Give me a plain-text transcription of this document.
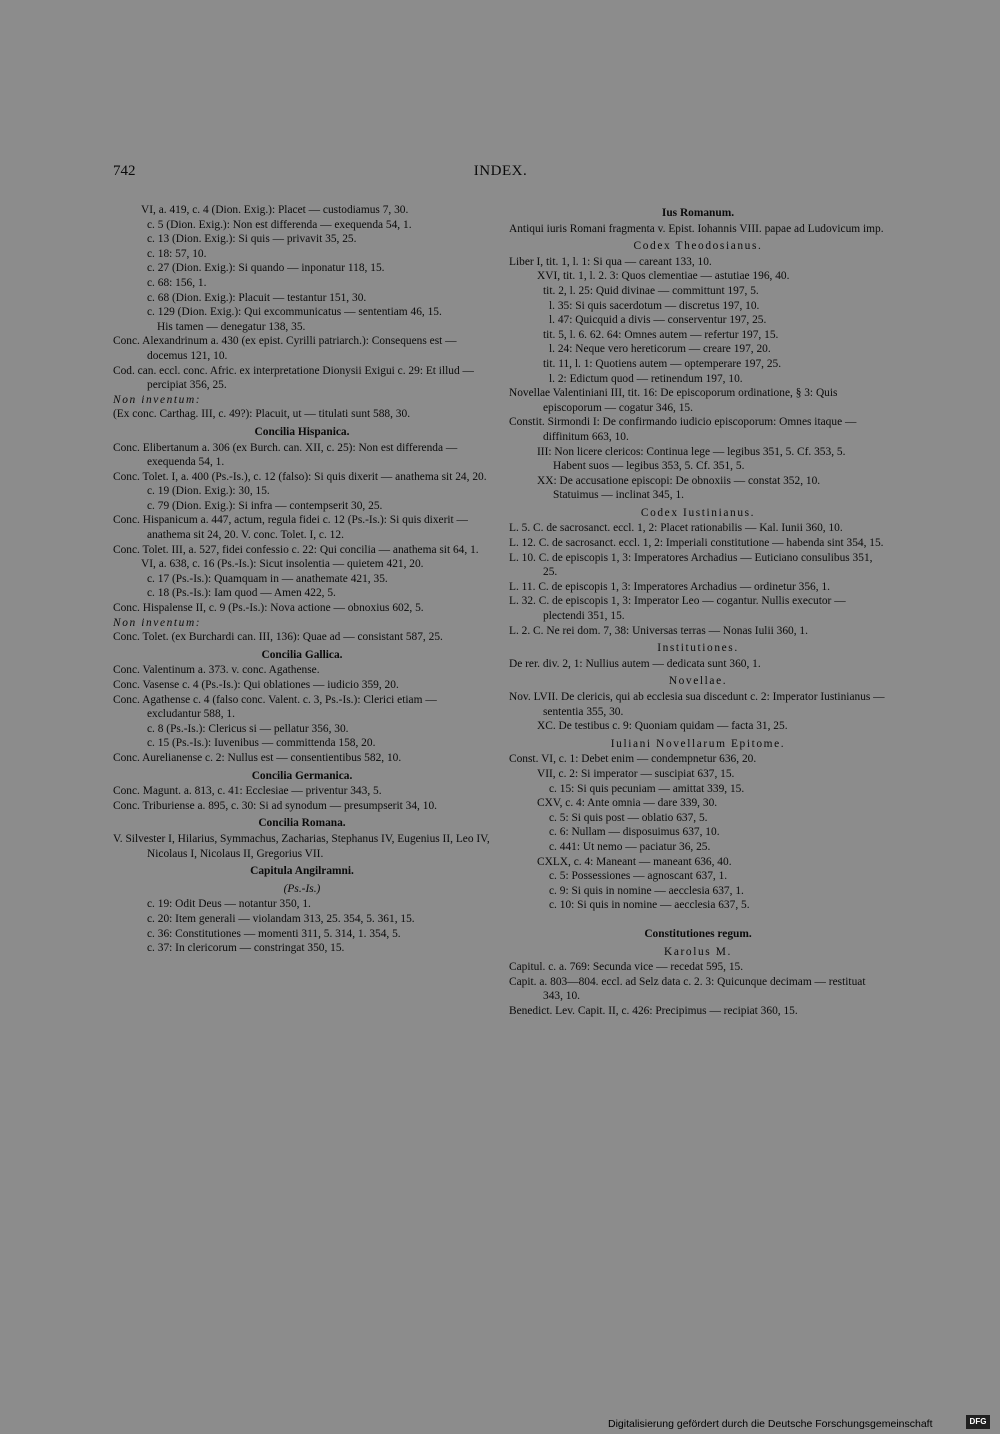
742	INDEX.
VI, a. 419, c. 4 (Dion. Exig.): Placet — custodiamus 7, 30.
c. 5 (Dion. Exig.): Non est differenda — exequenda 54, 1.
c. 13 (Dion. Exig.): Si quis — privavit 35, 25.
c. 18: 57, 10.
c. 27 (Dion. Exig.): Si quando — inponatur 118, 15.
c. 68: 156, 1.
c. 68 (Dion. Exig.): Placuit — testantur 151, 30.
c. 129 (Dion. Exig.): Qui excommunicatus — sententiam 46, 15.
His tamen — denegatur 138, 35.
Conc. Alexandrinum a. 430 (ex epist. Cyrilli patriarch.): Consequens est — docemus 121, 10.
Cod. can. eccl. conc. Afric. ex interpretatione Dionysii Exigui c. 29: Et illud — percipiat 356, 25.
Non inventum:
(Ex conc. Carthag. III, c. 49?): Placuit, ut — titulati sunt 588, 30.
Concilia Hispanica.
Conc. Elibertanum a. 306 (ex Burch. can. XII, c. 25): Non est differenda — exequenda 54, 1.
Conc. Tolet. I, a. 400 (Ps.-Is.), c. 12 (falso): Si quis dixerit — anathema sit 24, 20.
c. 19 (Dion. Exig.): 30, 15.
c. 79 (Dion. Exig.): Si infra — contempserit 30, 25.
Conc. Hispanicum a. 447, actum, regula fidei c. 12 (Ps.-Is.): Si quis dixerit — anathema sit 24, 20. V. conc. Tolet. I, c. 12.
Conc. Tolet. III, a. 527, fidei confessio c. 22: Qui concilia — anathema sit 64, 1.
VI, a. 638, c. 16 (Ps.-Is.): Sicut insolentia — quietem 421, 20.
c. 17 (Ps.-Is.): Quamquam in — anathemate 421, 35.
c. 18 (Ps.-Is.): Iam quod — Amen 422, 5.
Conc. Hispalense II, c. 9 (Ps.-Is.): Nova actione — obnoxius 602, 5.
Non inventum:
Conc. Tolet. (ex Burchardi can. III, 136): Quae ad — consistant 587, 25.
Concilia Gallica.
Conc. Valentinum a. 373. v. conc. Agathense.
Conc. Vasense c. 4 (Ps.-Is.): Qui oblationes — iudicio 359, 20.
Conc. Agathense c. 4 (falso conc. Valent. c. 3, Ps.-Is.): Clerici etiam — excludantur 588, 1.
c. 8 (Ps.-Is.): Clericus si — pellatur 356, 30.
c. 15 (Ps.-Is.): Iuvenibus — committenda 158, 20.
Conc. Aurelianense c. 2: Nullus est — consentientibus 582, 10.
Concilia Germanica.
Conc. Magunt. a. 813, c. 41: Ecclesiae — priventur 343, 5.
Conc. Triburiense a. 895, c. 30: Si ad synodum — presumpserit 34, 10.
Concilia Romana.
V. Silvester I, Hilarius, Symmachus, Zacharias, Stephanus IV, Eugenius II, Leo IV, Nicolaus I, Nicolaus II, Gregorius VII.
Capitula Angilramni.
(Ps.-Is.)
c. 19: Odit Deus — notantur 350, 1.
c. 20: Item generali — violandam 313, 25. 354, 5. 361, 15.
c. 36: Constitutiones — momenti 311, 5. 314, 1. 354, 5.
c. 37: In clericorum — constringat 350, 15.
Ius Romanum.
Antiqui iuris Romani fragmenta v. Epist. Iohannis VIII. papae ad Ludovicum imp.
Codex Theodosianus.
Liber I, tit. 1, l. 1: Si qua — careant 133, 10.
XVI, tit. 1, l. 2. 3: Quos clementiae — astutiae 196, 40.
tit. 2, l. 25: Quid divinae — committunt 197, 5.
l. 35: Si quis sacerdotum — discretus 197, 10.
l. 47: Quicquid a divis — conserventur 197, 25.
tit. 5, l. 6. 62. 64: Omnes autem — refertur 197, 15.
l. 24: Neque vero hereticorum — creare 197, 20.
tit. 11, l. 1: Quotiens autem — optemperare 197, 25.
l. 2: Edictum quod — retinendum 197, 10.
Novellae Valentiniani III, tit. 16: De episcoporum ordinatione, § 3: Quis episcoporum — cogatur 346, 15.
Constit. Sirmondi I: De confirmando iudicio episcoporum: Omnes itaque — diffinitum 663, 10.
III: Non licere clericos: Continua lege — legibus 351, 5. Cf. 353, 5.
Habent suos — legibus 353, 5. Cf. 351, 5.
XX: De accusatione episcopi: De obnoxiis — constat 352, 10.
Statuimus — inclinat 345, 1.
Codex Iustinianus.
L. 5. C. de sacrosanct. eccl. 1, 2: Placet rationabilis — Kal. Iunii 360, 10.
L. 12. C. de sacrosanct. eccl. 1, 2: Imperiali constitutione — habenda sint 354, 15.
L. 10. C. de episcopis 1, 3: Imperatores Archadius — Euticiano consulibus 351, 25.
L. 11. C. de episcopis 1, 3: Imperatores Archadius — ordinetur 356, 1.
L. 32. C. de episcopis 1, 3: Imperator Leo — cogantur. Nullis executor — plectendi 351, 15.
L. 2. C. Ne rei dom. 7, 38: Universas terras — Nonas Iulii 360, 1.
Institutiones.
De rer. div. 2, 1: Nullius autem — dedicata sunt 360, 1.
Novellae.
Nov. LVII. De clericis, qui ab ecclesia sua discedunt c. 2: Imperator Iustinianus — sententia 355, 30.
XC. De testibus c. 9: Quoniam quidam — facta 31, 25.
Iuliani Novellarum Epitome.
Const. VI, c. 1: Debet enim — condempnetur 636, 20.
VII, c. 2: Si imperator — suscipiat 637, 15.
c. 15: Si quis pecuniam — amittat 339, 15.
CXV, c. 4: Ante omnia — dare 339, 30.
c. 5: Si quis post — oblatio 637, 5.
c. 6: Nullam — disposuimus 637, 10.
c. 441: Ut nemo — paciatur 36, 25.
CXLX, c. 4: Maneant — maneant 636, 40.
c. 5: Possessiones — agnoscant 637, 1.
c. 9: Si quis in nomine — aecclesia 637, 1.
c. 10: Si quis in nomine — aecclesia 637, 5.
Constitutiones regum.
Karolus M.
Capitul. c. a. 769: Secunda vice — recedat 595, 15.
Capit. a. 803—804. eccl. ad Selz data c. 2. 3: Quicunque decimam — restituat 343, 10.
Benedict. Lev. Capit. II, c. 426: Precipimus — recipiat 360, 15.
Digitalisierung gefördert durch die Deutsche Forschungsgemeinschaft	DFG
